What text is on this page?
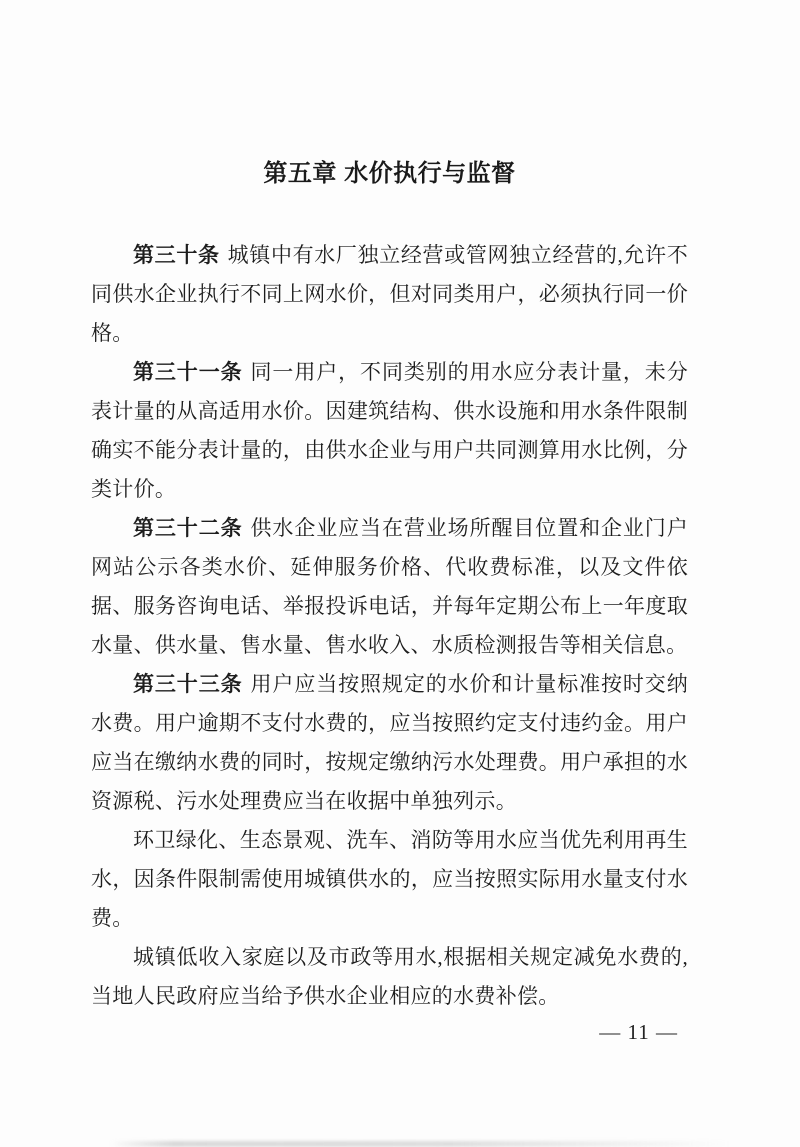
第五章 水价执行与监督

第三十条 城镇中有水厂独立经营或管网独立经营的,允许不同供水企业执行不同上网水价，但对同类用户，必须执行同一价格。

第三十一条 同一用户，不同类别的用水应分表计量，未分表计量的从高适用水价。因建筑结构、供水设施和用水条件限制确实不能分表计量的，由供水企业与用户共同测算用水比例，分类计价。

第三十二条 供水企业应当在营业场所醒目位置和企业门户网站公示各类水价、延伸服务价格、代收费标准，以及文件依据、服务咨询电话、举报投诉电话，并每年定期公布上一年度取水量、供水量、售水量、售水收入、水质检测报告等相关信息。

第三十三条 用户应当按照规定的水价和计量标准按时交纳水费。用户逾期不支付水费的，应当按照约定支付违约金。用户应当在缴纳水费的同时，按规定缴纳污水处理费。用户承担的水资源税、污水处理费应当在收据中单独列示。

环卫绿化、生态景观、洗车、消防等用水应当优先利用再生水，因条件限制需使用城镇供水的，应当按照实际用水量支付水费。

城镇低收入家庭以及市政等用水,根据相关规定减免水费的,当地人民政府应当给予供水企业相应的水费补偿。

— 11 —
